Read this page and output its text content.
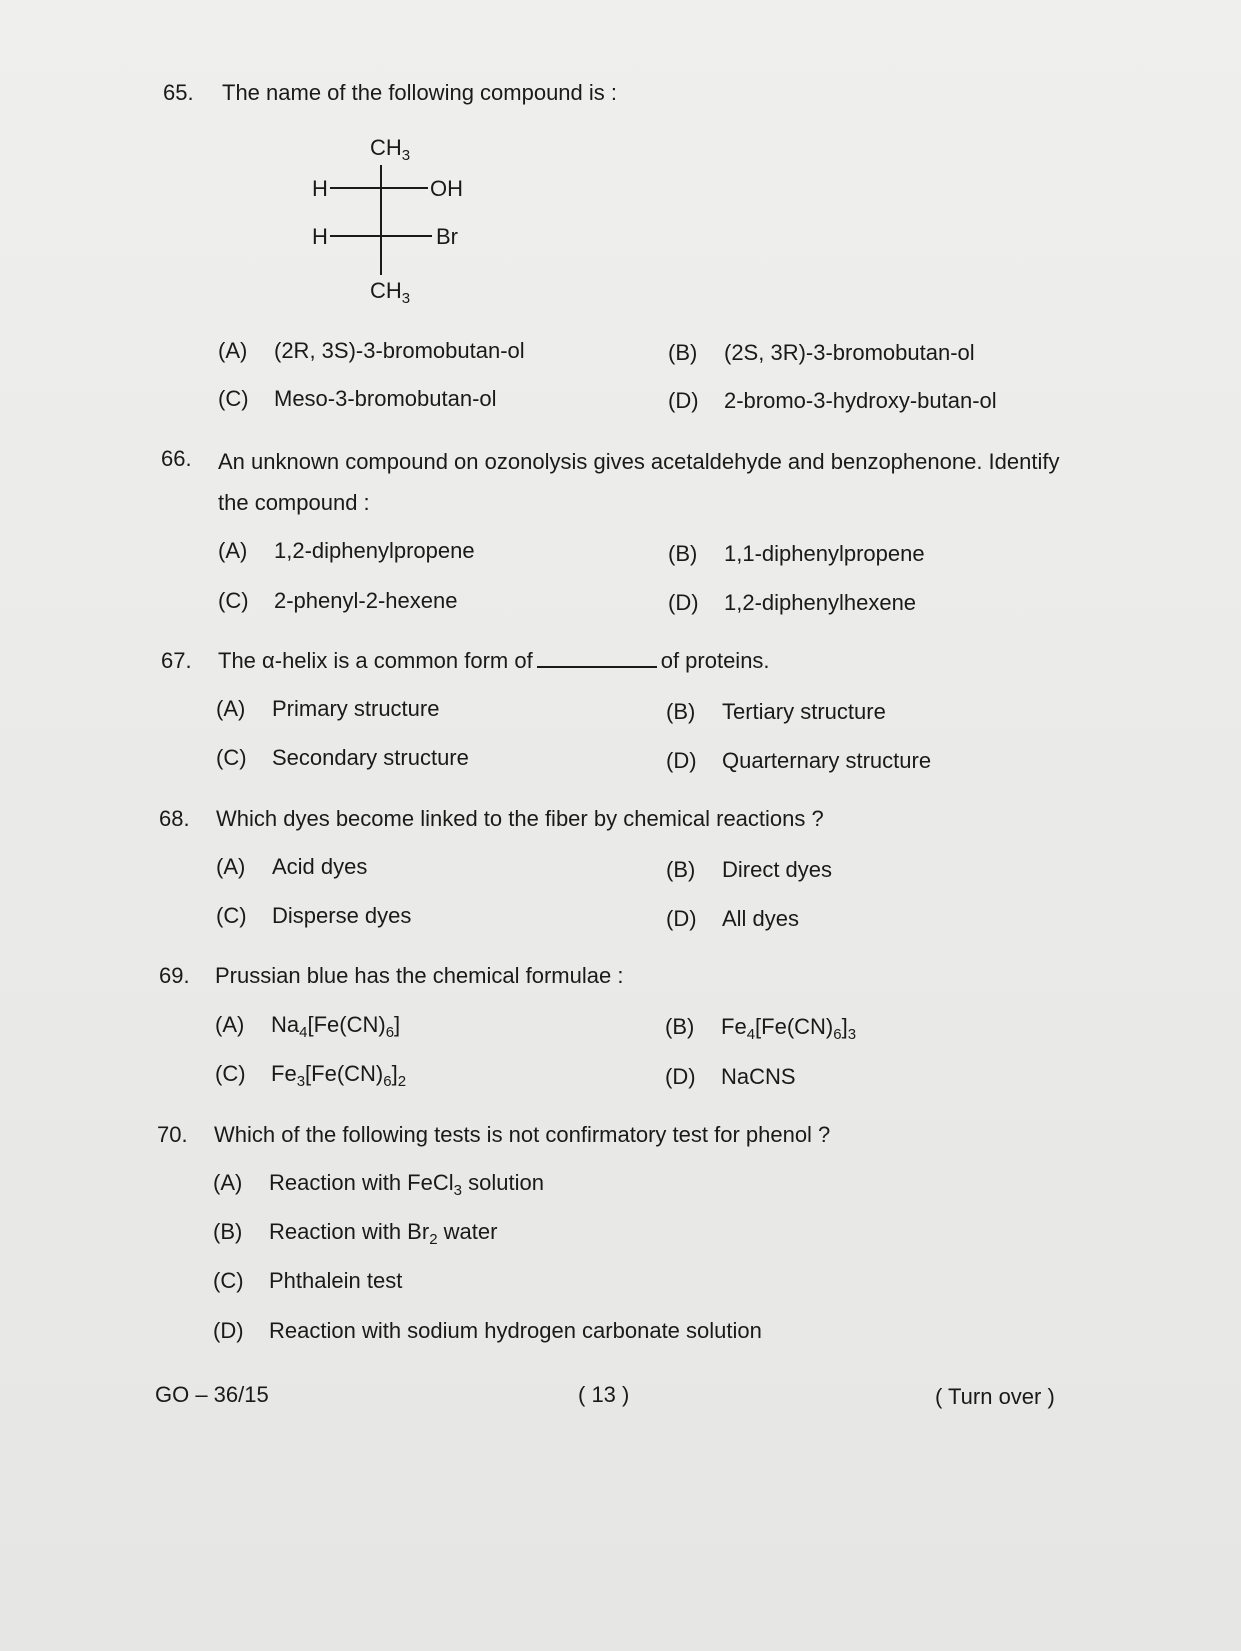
65. The name of the following compound is :
$CH_3$
H	OH
H	Br
$CH_3$
(A) (2R, 3S)-3-bromobutan-ol	(B) (2S, 3R)-3-bromobutan-ol
(C) Meso-3-bromobutan-ol	(D) 2-bromo-3-hydroxy-butan-ol
66. An unknown compound on ozonolysis gives acetaldehyde and benzophenone. Identify
the compound :
(A) 1,2-diphenylpropene	(B) 1,1-diphenylpropene
(C) 2-phenyl-2-hexene	(D) 1,2-diphenylhexene
67. The α-helix is a common form of	of proteins.
(A) Primary structure	(B) Tertiary structure
(C) Secondary structure	(D) Quarternary structure
68. Which dyes become linked to the fiber by chemical reactions ?
(A) Acid dyes	(B) Direct dyes
(C) Disperse dyes	(D) All dyes
69. Prussian blue has the chemical formulae :
(A) $Na_4[Fe(CN)_6]$	(B) $Fe_4[Fe(CN)_6]_3$
(C) $Fe_3[Fe(CN)_6]_2$	(D) NaCNS
70. Which of the following tests is not confirmatory test for phenol ?
(A) Reaction with FeCl$_3$ solution
(B) Reaction with $Br_2$ water
(C) Phthalein test
(D) Reaction with sodium hydrogen carbonate solution
GO – 36/15	( 13 )	( Turn over )
